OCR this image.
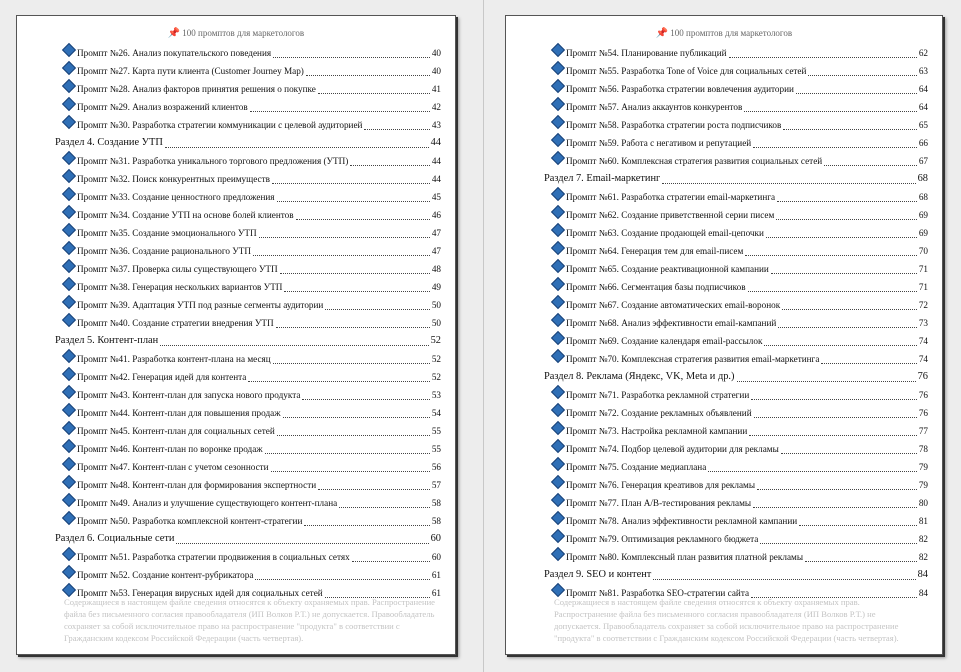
📌 100 промптов для маркетологов
Промпт №26. Анализ покупательского поведения	40
Промпт №27. Карта пути клиента (Customer Journey Map)	40
Промпт №28. Анализ факторов принятия решения о покупке	41
Промпт №29. Анализ возражений клиентов	42
Промпт №30. Разработка стратегии коммуникации с целевой аудиторией	43
Раздел 4. Создание УТП	44
Промпт №31. Разработка уникального торгового предложения (УТП)	44
Промпт №32. Поиск конкурентных преимуществ	44
Промпт №33. Создание ценностного предложения	45
Промпт №34. Создание УТП на основе болей клиентов	46
Промпт №35. Создание эмоционального УТП	47
Промпт №36. Создание рационального УТП	47
Промпт №37. Проверка силы существующего УТП	48
Промпт №38. Генерация нескольких вариантов УТП	49
Промпт №39. Адаптация УТП под разные сегменты аудитории	50
Промпт №40. Создание стратегии внедрения УТП	50
Раздел 5. Контент-план	52
Промпт №41. Разработка контент-плана на месяц	52
Промпт №42. Генерация идей для контента	52
Промпт №43. Контент-план для запуска нового продукта	53
Промпт №44. Контент-план для повышения продаж	54
Промпт №45. Контент-план для социальных сетей	55
Промпт №46. Контент-план по воронке продаж	55
Промпт №47. Контент-план с учетом сезонности	56
Промпт №48. Контент-план для формирования экспертности	57
Промпт №49. Анализ и улучшение существующего контент-плана	58
Промпт №50. Разработка комплексной контент-стратегии	58
Раздел 6. Социальные сети	60
Промпт №51. Разработка стратегии продвижения в социальных сетях	60
Промпт №52. Создание контент-рубрикатора	61
Промпт №53. Генерация вирусных идей для социальных сетей	61
Содержащиеся в настоящем файле сведения относятся к объекту охраняемых прав. Распространение файла без письменного согласия правообладателя (ИП Волков Р.Т.) не допускается. Правообладатель сохраняет за собой исключительное право на распространение "продукта" в соответствии с Гражданским кодексом Российской Федерации (часть четвертая).
📌 100 промптов для маркетологов
Промпт №54. Планирование публикаций	62
Промпт №55. Разработка Tone of Voice для социальных сетей	63
Промпт №56. Разработка стратегии вовлечения аудитории	64
Промпт №57. Анализ аккаунтов конкурентов	64
Промпт №58. Разработка стратегии роста подписчиков	65
Промпт №59. Работа с негативом и репутацией	66
Промпт №60. Комплексная стратегия развития социальных сетей	67
Раздел 7. Email-маркетинг	68
Промпт №61. Разработка стратегии email-маркетинга	68
Промпт №62. Создание приветственной серии писем	69
Промпт №63. Создание продающей email-цепочки	69
Промпт №64. Генерация тем для email-писем	70
Промпт №65. Создание реактивационной кампании	71
Промпт №66. Сегментация базы подписчиков	71
Промпт №67. Создание автоматических email-воронок	72
Промпт №68. Анализ эффективности email-кампаний	73
Промпт №69. Создание календаря email-рассылок	74
Промпт №70. Комплексная стратегия развития email-маркетинга	74
Раздел 8. Реклама (Яндекс, VK, Meta и др.)	76
Промпт №71. Разработка рекламной стратегии	76
Промпт №72. Создание рекламных объявлений	76
Промпт №73. Настройка рекламной кампании	77
Промпт №74. Подбор целевой аудитории для рекламы	78
Промпт №75. Создание медиаплана	79
Промпт №76. Генерация креативов для рекламы	79
Промпт №77. План A/B-тестирования рекламы	80
Промпт №78. Анализ эффективности рекламной кампании	81
Промпт №79. Оптимизация рекламного бюджета	82
Промпт №80. Комплексный план развития платной рекламы	82
Раздел 9. SEO и контент	84
Промпт №81. Разработка SEO-стратегии сайта	84
Содержащиеся в настоящем файле сведения относятся к объекту охраняемых прав. Распространение файла без письменного согласия правообладателя (ИП Волков Р.Т.) не допускается. Правообладатель сохраняет за собой исключительное право на распространение "продукта" в соответствии с Гражданским кодексом Российской Федерации (часть четвертая).
